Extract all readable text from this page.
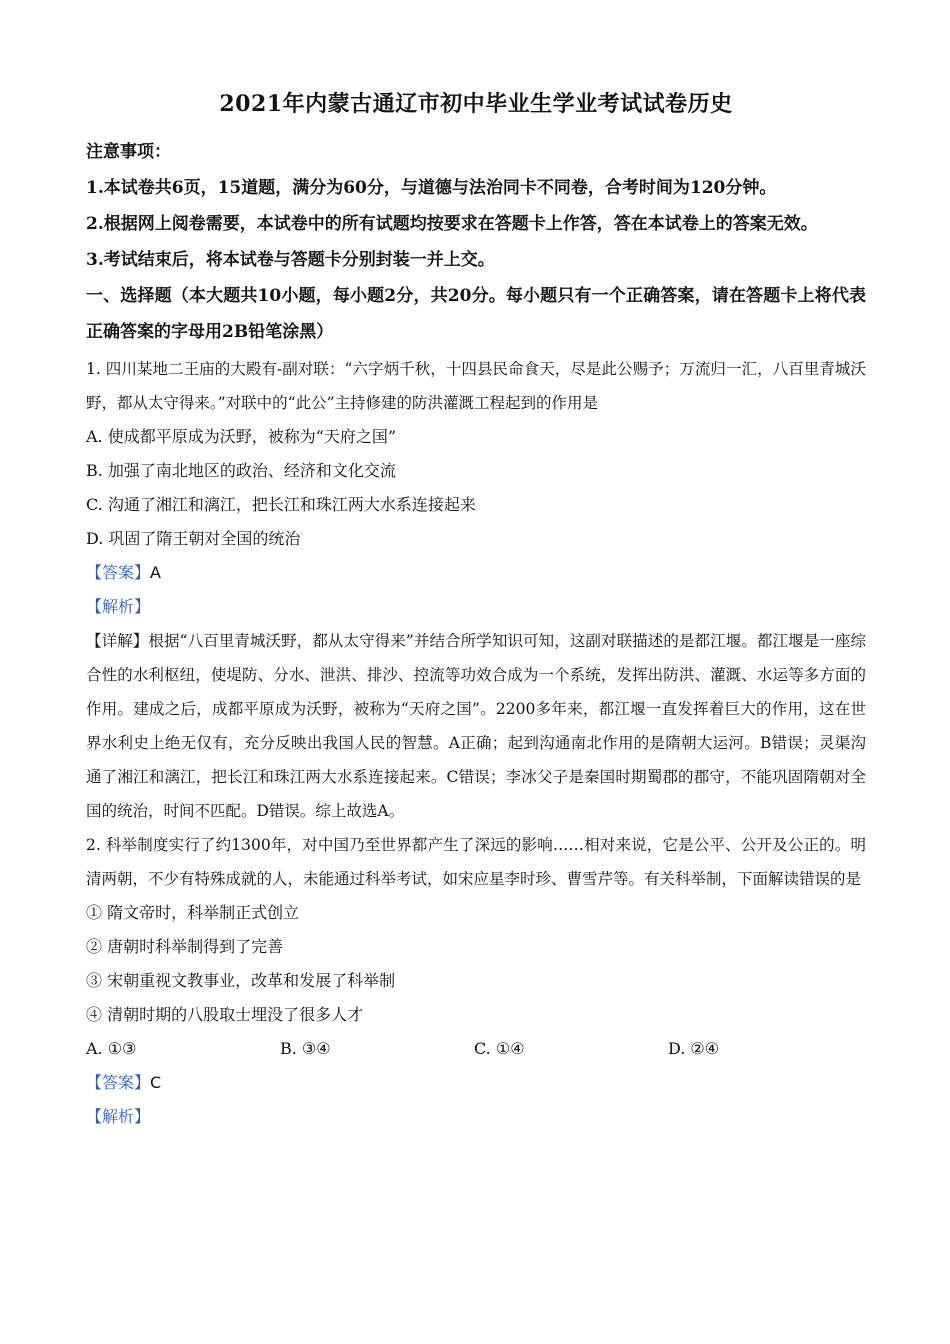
2021年内蒙古通辽市初中毕业生学业考试试卷历史
注意事项：
1.本试卷共6页，15道题，满分为60分，与道德与法治同卡不同卷，合考时间为120分钟。
2.根据网上阅卷需要，本试卷中的所有试题均按要求在答题卡上作答，答在本试卷上的答案无效。
3.考试结束后，将本试卷与答题卡分别封装一并上交。
一、选择题（本大题共10小题，每小题2分，共20分。每小题只有一个正确答案，请在答题卡上将代表正确答案的字母用2B铅笔涂黑）
1. 四川某地二王庙的大殿有-副对联：“六字炳千秋，十四县民命食天，尽是此公赐予；万流归一汇，八百里青城沃野，都从太守得来。”对联中的“此公”主持修建的防洪灌溉工程起到的作用是
A. 使成都平原成为沃野，被称为“天府之国”
B. 加强了南北地区的政治、经济和文化交流
C. 沟通了湘江和漓江，把长江和珠江两大水系连接起来
D. 巩固了隋王朝对全国的统治
【答案】A
【解析】
【详解】根据“八百里青城沃野，都从太守得来”并结合所学知识可知，这副对联描述的是都江堰。都江堰是一座综合性的水利枢纽，使堤防、分水、泄洪、排沙、控流等功效合成为一个系统，发挥出防洪、灌溉、水运等多方面的作用。建成之后，成都平原成为沃野，被称为“天府之国”。2200多年来，都江堰一直发挥着巨大的作用，这在世界水利史上绝无仅有，充分反映出我国人民的智慧。A正确；起到沟通南北作用的是隋朝大运河。B错误；灵渠沟通了湘江和漓江，把长江和珠江两大水系连接起来。C错误；李冰父子是秦国时期蜀郡的郡守，不能巩固隋朝对全国的统治，时间不匹配。D错误。综上故选A。
2. 科举制度实行了约1300年，对中国乃至世界都产生了深远的影响……相对来说，它是公平、公开及公正的。明清两朝，不少有特殊成就的人，未能通过科举考试，如宋应星李时珍、曹雪芹等。有关科举制，下面解读错误的是
① 隋文帝时，科举制正式创立
② 唐朝时科举制得到了完善
③ 宋朝重视文教事业，改革和发展了科举制
④ 清朝时期的八股取士埋没了很多人才
A. ①③	B. ③④	C. ①④	D. ②④
【答案】C
【解析】
